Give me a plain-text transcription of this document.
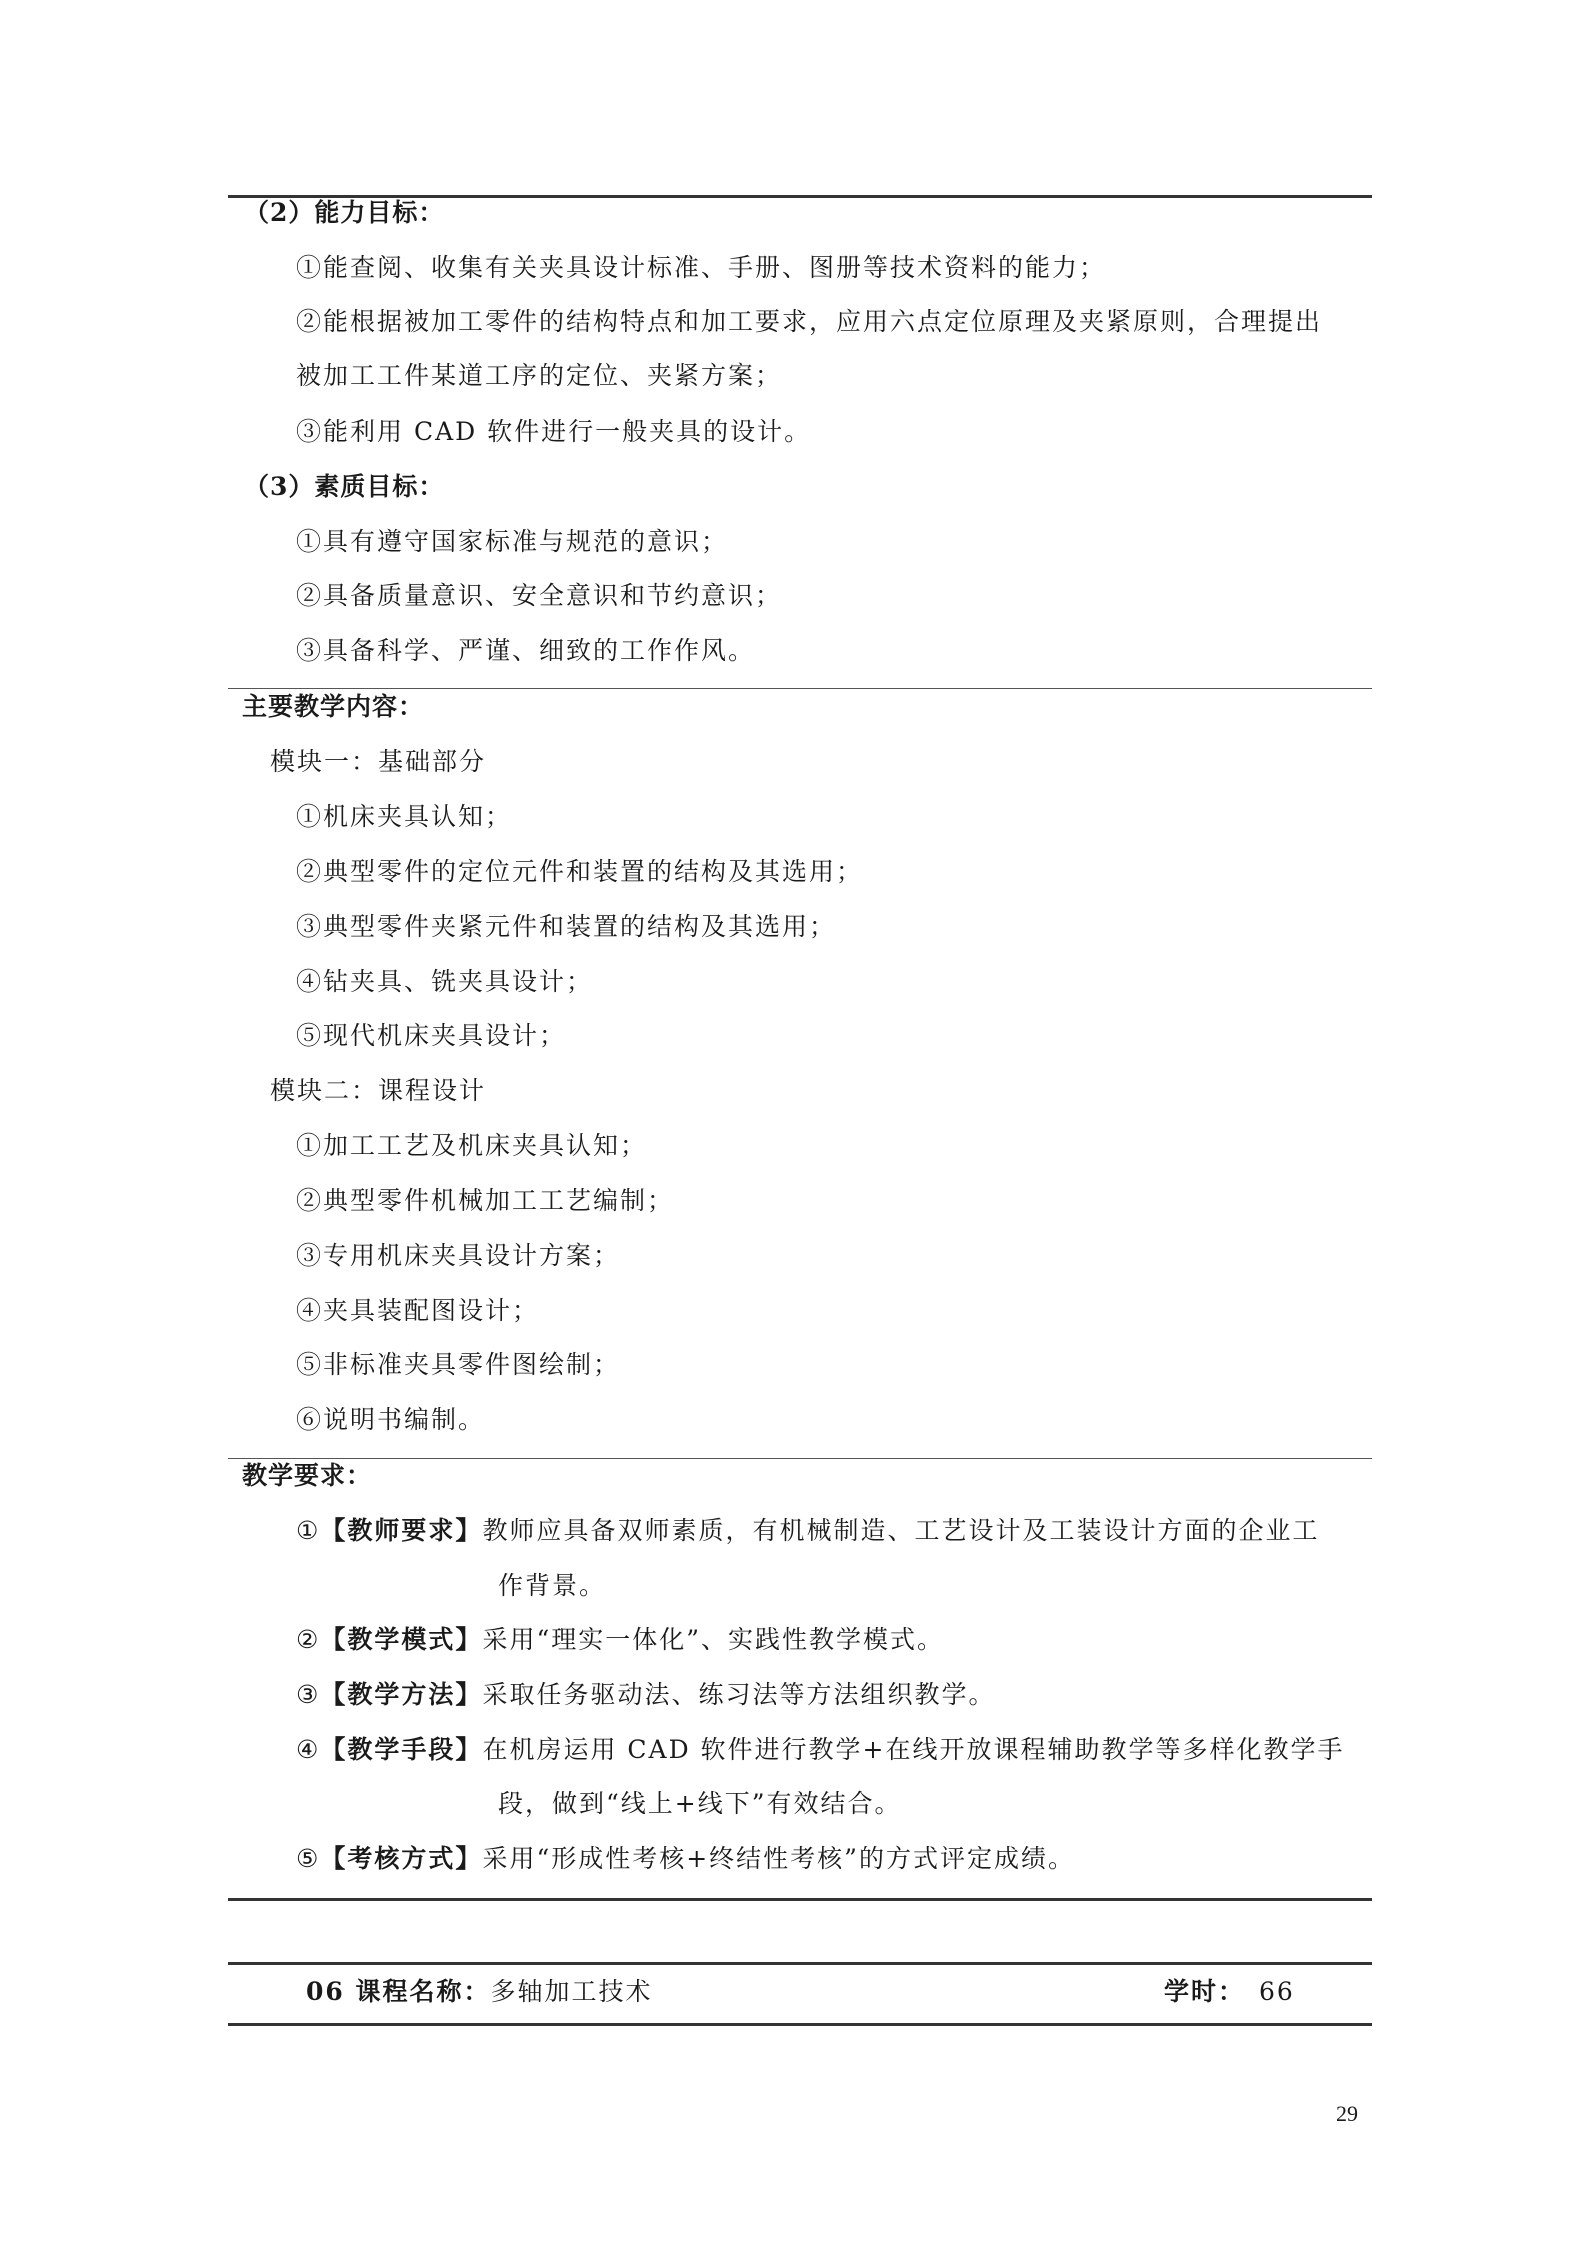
（2）能力目标：
①能查阅、收集有关夹具设计标准、手册、图册等技术资料的能力；
②能根据被加工零件的结构特点和加工要求，应用六点定位原理及夹紧原则，合理提出
被加工工件某道工序的定位、夹紧方案；
③能利用 CAD 软件进行一般夹具的设计。
（3）素质目标：
①具有遵守国家标准与规范的意识；
②具备质量意识、安全意识和节约意识；
③具备科学、严谨、细致的工作作风。
主要教学内容：
模块一：基础部分
①机床夹具认知；
②典型零件的定位元件和装置的结构及其选用；
③典型零件夹紧元件和装置的结构及其选用；
④钻夹具、铣夹具设计；
⑤现代机床夹具设计；
模块二：课程设计
①加工工艺及机床夹具认知；
②典型零件机械加工工艺编制；
③专用机床夹具设计方案；
④夹具装配图设计；
⑤非标准夹具零件图绘制；
⑥说明书编制。
教学要求：
①【教师要求】教师应具备双师素质，有机械制造、工艺设计及工装设计方面的企业工
作背景。
②【教学模式】采用“理实一体化”、实践性教学模式。
③【教学方法】采取任务驱动法、练习法等方法组织教学。
④【教学手段】在机房运用 CAD 软件进行教学+在线开放课程辅助教学等多样化教学手
段，做到“线上+线下”有效结合。
⑤【考核方式】采用“形成性考核+终结性考核”的方式评定成绩。
06 课程名称：多轴加工技术	学时： 66
29
